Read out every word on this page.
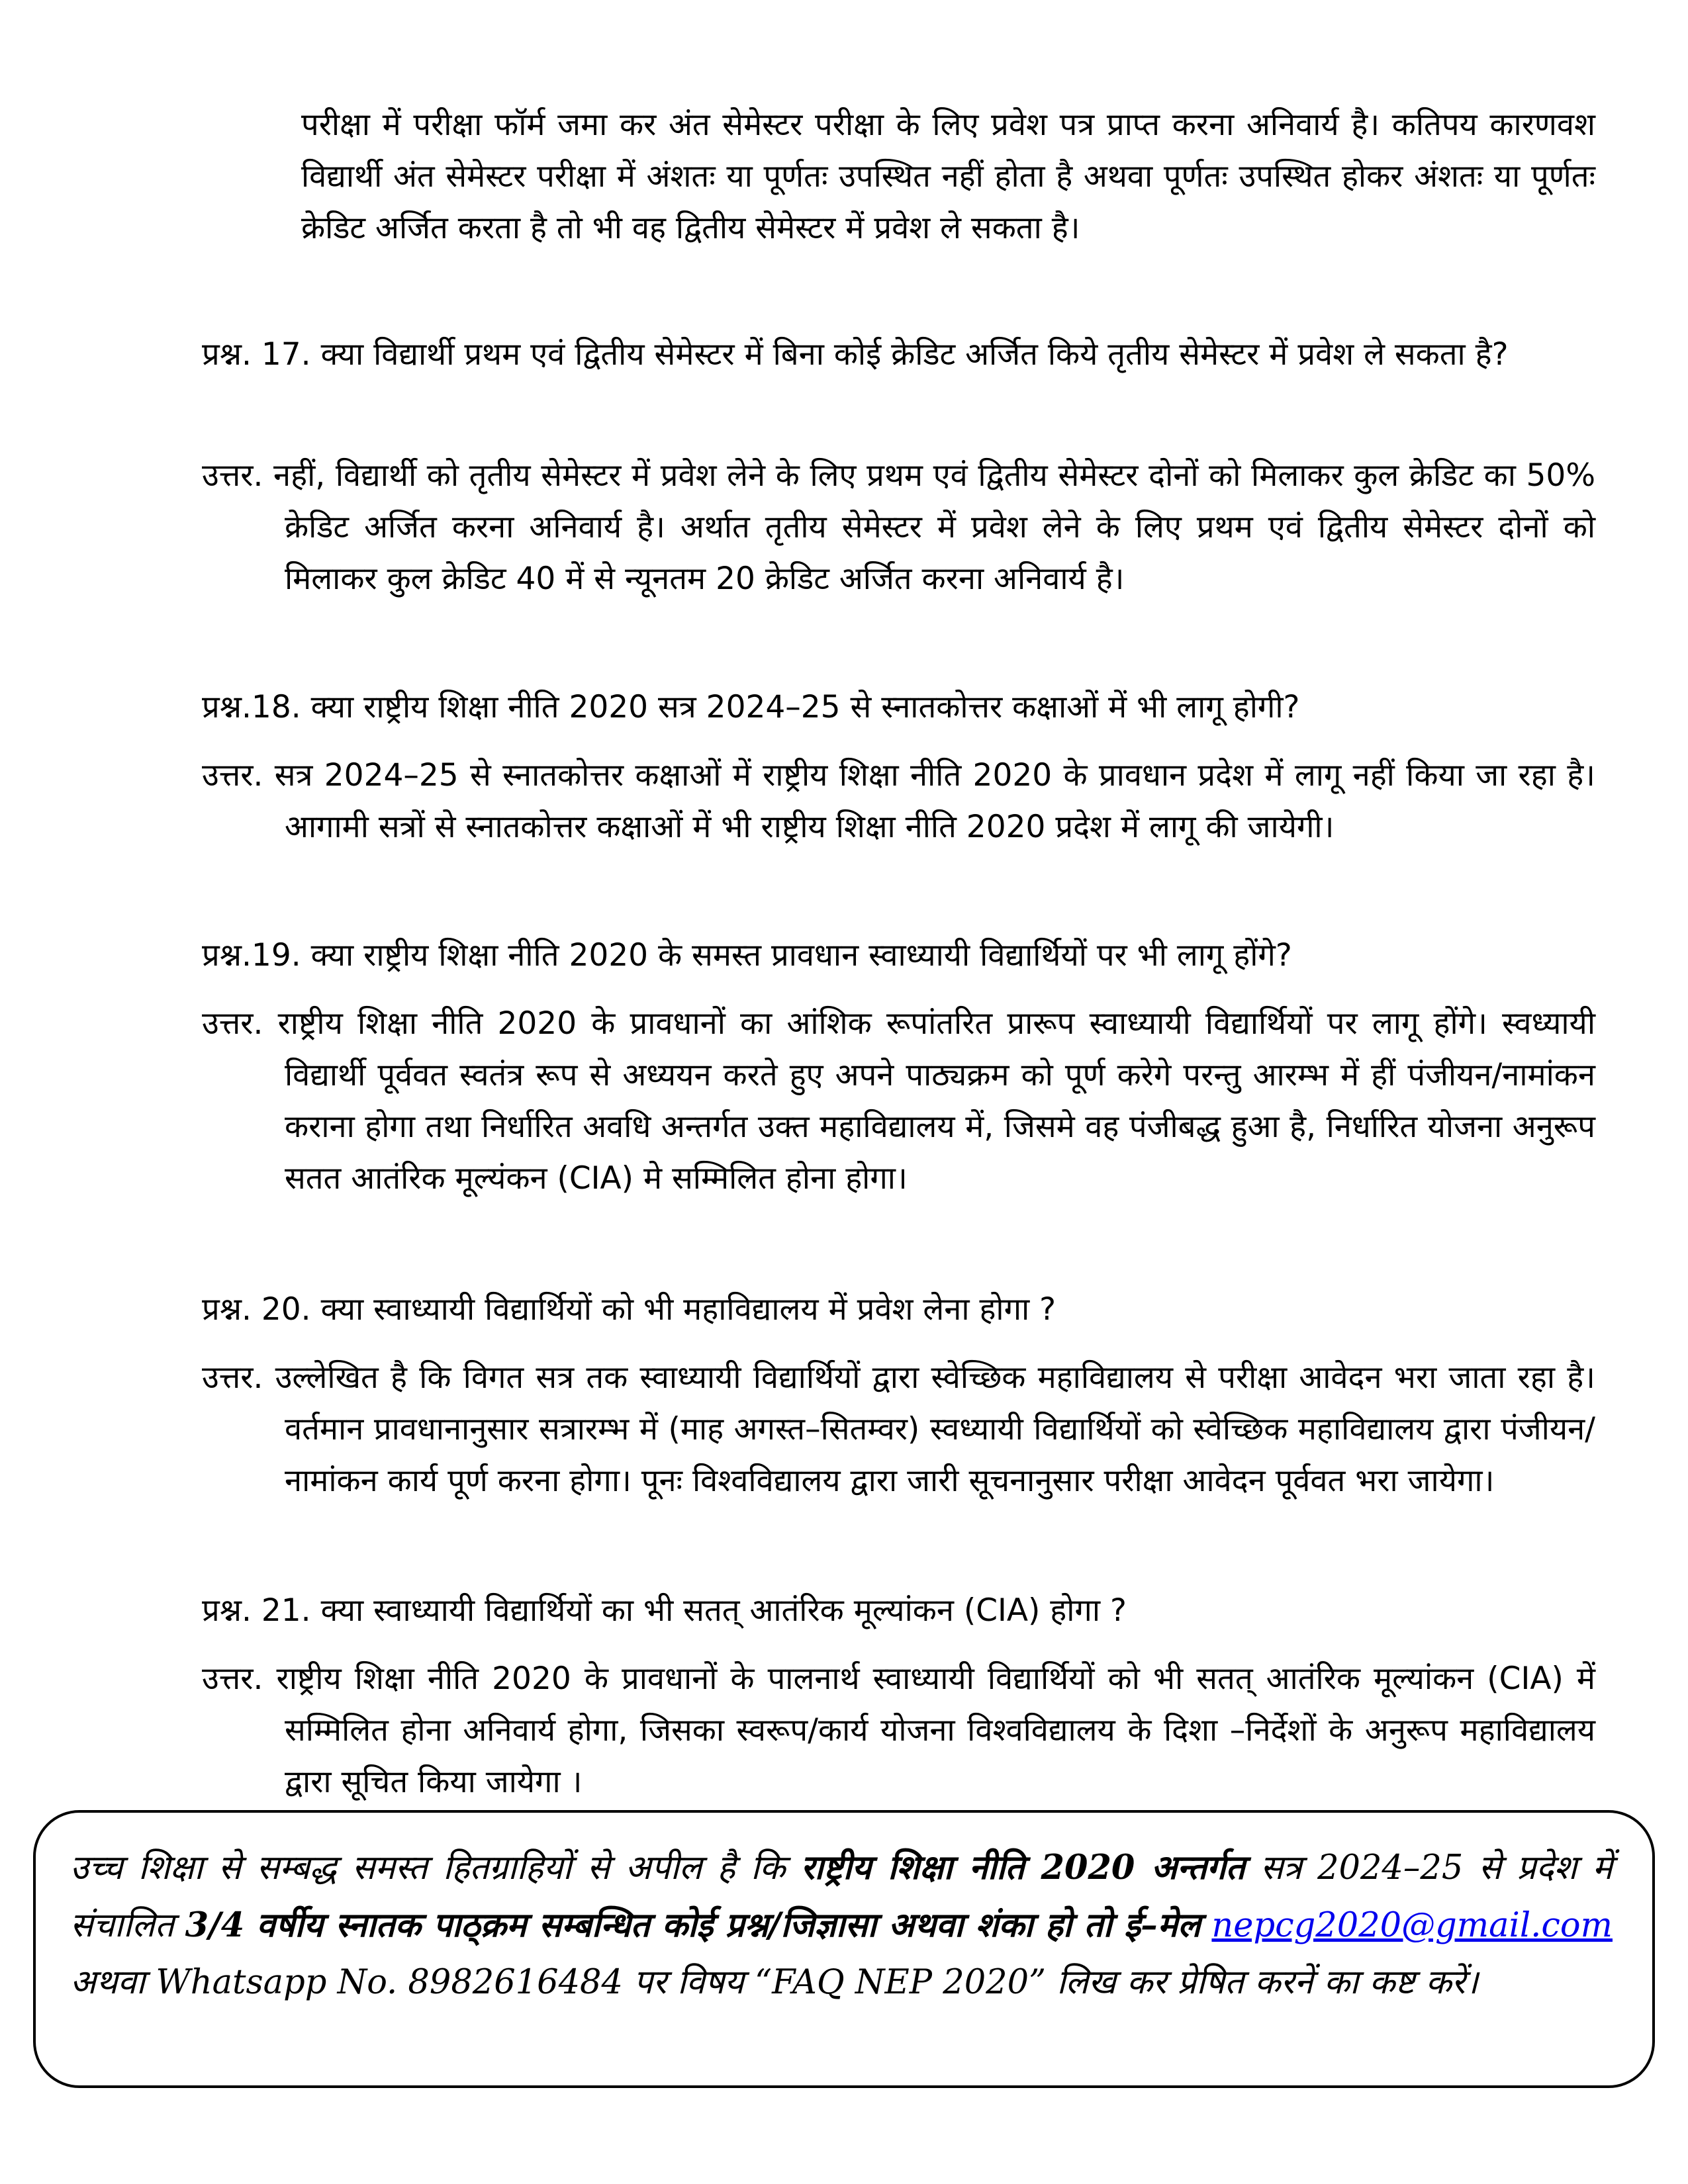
परीक्षा में परीक्षा फॉर्म जमा कर अंत सेमेस्टर परीक्षा के लिए प्रवेश पत्र प्राप्त करना अनिवार्य है। कतिपय कारणवश विद्यार्थी अंत सेमेस्टर परीक्षा में अंशतः या पूर्णतः उपस्थित नहीं होता है अथवा पूर्णतः उपस्थित होकर अंशतः या पूर्णतः क्रेडिट अर्जित करता है तो भी वह द्वितीय सेमेस्टर में प्रवेश ले सकता है।
प्रश्न. 17. क्या विद्यार्थी प्रथम एवं द्वितीय सेमेस्टर में बिना कोई क्रेडिट अर्जित किये तृतीय सेमेस्टर में प्रवेश ले सकता है?
उत्तर. नहीं, विद्यार्थी को तृतीय सेमेस्टर में प्रवेश लेने के लिए प्रथम एवं द्वितीय सेमेस्टर दोनों को मिलाकर कुल क्रेडिट का 50% क्रेडिट अर्जित करना अनिवार्य है। अर्थात तृतीय सेमेस्टर में प्रवेश लेने के लिए प्रथम एवं द्वितीय सेमेस्टर दोनों को मिलाकर कुल क्रेडिट 40 में से न्यूनतम 20 क्रेडिट अर्जित करना अनिवार्य है।
प्रश्न.18. क्या राष्ट्रीय शिक्षा नीति 2020 सत्र 2024–25 से स्नातकोत्तर कक्षाओं में भी लागू होगी?
उत्तर. सत्र 2024–25 से स्नातकोत्तर कक्षाओं में राष्ट्रीय शिक्षा नीति 2020 के प्रावधान प्रदेश में लागू नहीं किया जा रहा है। आगामी सत्रों से स्नातकोत्तर कक्षाओं में भी राष्ट्रीय शिक्षा नीति 2020 प्रदेश में लागू की जायेगी।
प्रश्न.19. क्या राष्ट्रीय शिक्षा नीति 2020 के समस्त प्रावधान स्वाध्यायी विद्यार्थियों पर भी लागू होंगे?
उत्तर. राष्ट्रीय शिक्षा नीति 2020 के प्रावधानों का आंशिक रूपांतरित प्रारूप स्वाध्यायी विद्यार्थियों पर लागू होंगे। स्वध्यायी विद्यार्थी पूर्ववत स्वतंत्र रूप से अध्ययन करते हुए अपने पाठ्यक्रम को पूर्ण करेगे परन्तु आरम्भ में हीं पंजीयन/नामांकन कराना होगा तथा निर्धारित अवधि अन्तर्गत उक्त महाविद्यालय में, जिसमे वह पंजीबद्ध हुआ है, निर्धारित योजना अनुरूप सतत आतंरिक मूल्यंकन (CIA) मे सम्मिलित होना होगा।
प्रश्न. 20. क्या स्वाध्यायी विद्यार्थियों को भी महाविद्यालय में प्रवेश लेना होगा ?
उत्तर. उल्लेखित है कि विगत सत्र तक स्वाध्यायी विद्यार्थियों द्वारा स्वेच्छिक महाविद्यालय से परीक्षा आवेदन भरा जाता रहा है। वर्तमान प्रावधानानुसार सत्रारम्भ में (माह अगस्त–सितम्वर) स्वध्यायी विद्यार्थियों को स्वेच्छिक महाविद्यालय द्वारा पंजीयन/नामांकन कार्य पूर्ण करना होगा। पूनः विश्वविद्यालय द्वारा जारी सूचनानुसार परीक्षा आवेदन पूर्ववत भरा जायेगा।
प्रश्न. 21. क्या स्वाध्यायी विद्यार्थियों का भी सतत् आतंरिक मूल्यांकन (CIA) होगा ?
उत्तर. राष्ट्रीय शिक्षा नीति 2020 के प्रावधानों के पालनार्थ स्वाध्यायी विद्यार्थियों को भी सतत् आतंरिक मूल्यांकन (CIA) में सम्मिलित होना अनिवार्य होगा, जिसका स्वरूप/कार्य योजना विश्वविद्यालय के दिशा –निर्देशों के अनुरूप महाविद्यालय द्वारा सूचित किया जायेगा ।
उच्च शिक्षा से सम्बद्ध समस्त हितग्राहियों से अपील है कि राष्ट्रीय शिक्षा नीति 2020 अन्तर्गत सत्र 2024–25 से प्रदेश में संचालित 3/4 वर्षीय स्नातक पाठ्क्रम सम्बन्धित कोई प्रश्न/जिज्ञासा अथवा शंका हो तो ई–मेल nepcg2020@gmail.com अथवा Whatsapp No. 8982616484 पर विषय “FAQ NEP 2020” लिख कर प्रेषित करनें का कष्ट करें।
